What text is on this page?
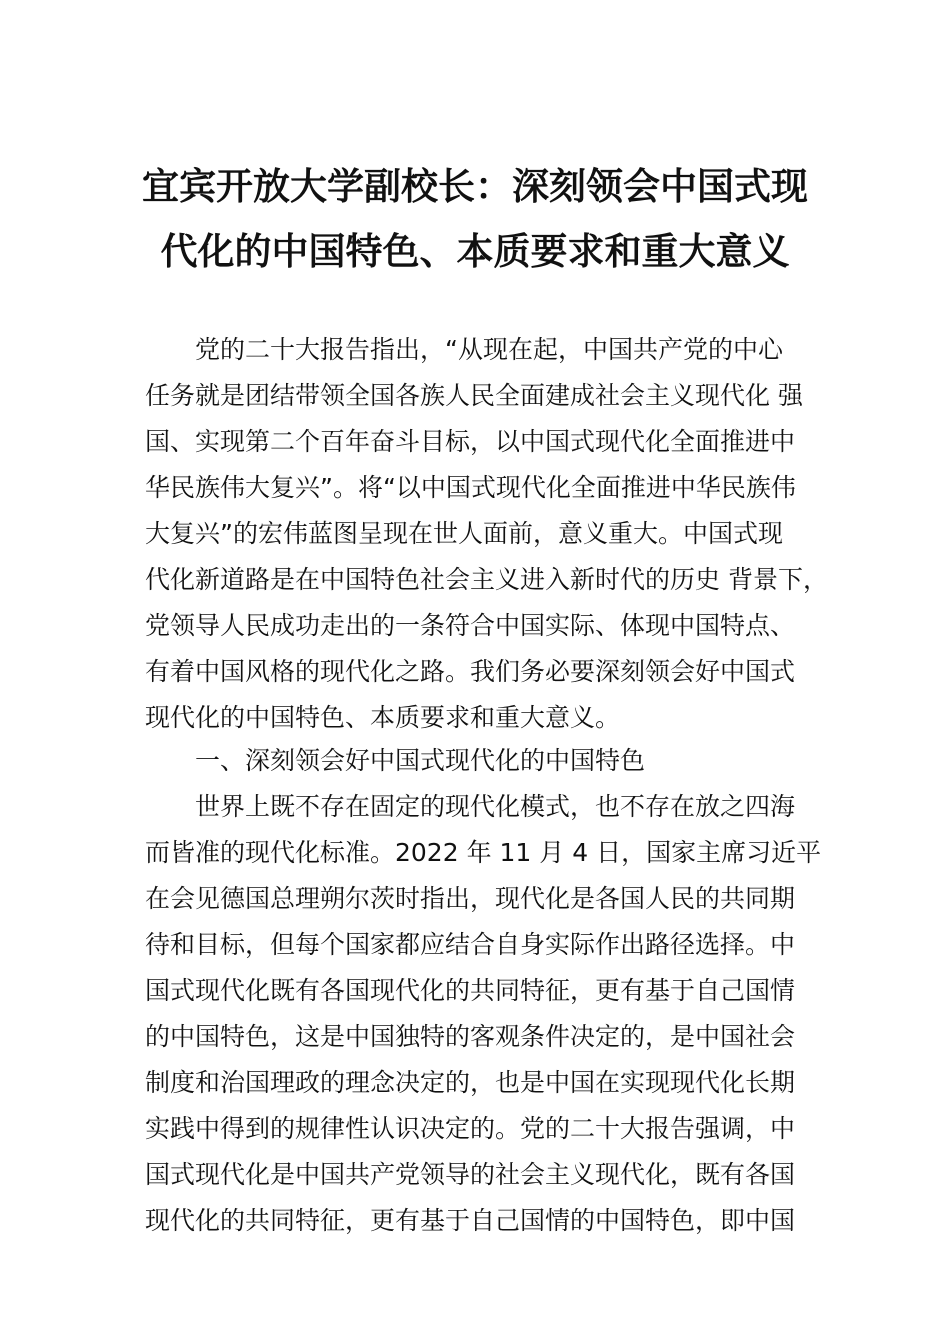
宜宾开放大学副校长：深刻领会中国式现
代化的中国特色、本质要求和重大意义

党的二十大报告指出，“从现在起，中国共产党的中心

任务就是团结带领全国各族人民全面建成社会主义现代化 强

国、实现第二个百年奋斗目标，以中国式现代化全面推进中

华民族伟大复兴”。将“以中国式现代化全面推进中华民族伟

大复兴”的宏伟蓝图呈现在世人面前，意义重大。中国式现

代化新道路是在中国特色社会主义进入新时代的历史 背景下，

党领导人民成功走出的一条符合中国实际、体现中国特点、

有着中国风格的现代化之路。我们务必要深刻领会好中国式

现代化的中国特色、本质要求和重大意义。

一、深刻领会好中国式现代化的中国特色

世界上既不存在固定的现代化模式，也不存在放之四海

而皆准的现代化标准。2022 年 11 月 4 日，国家主席习近平

在会见德国总理朔尔茨时指出，现代化是各国人民的共同期

待和目标，但每个国家都应结合自身实际作出路径选择。中

国式现代化既有各国现代化的共同特征，更有基于自己国情

的中国特色，这是中国独特的客观条件决定的，是中国社会

制度和治国理政的理念决定的，也是中国在实现现代化长期

实践中得到的规律性认识决定的。党的二十大报告强调，中

国式现代化是中国共产党领导的社会主义现代化，既有各国

现代化的共同特征，更有基于自己国情的中国特色，即中国
